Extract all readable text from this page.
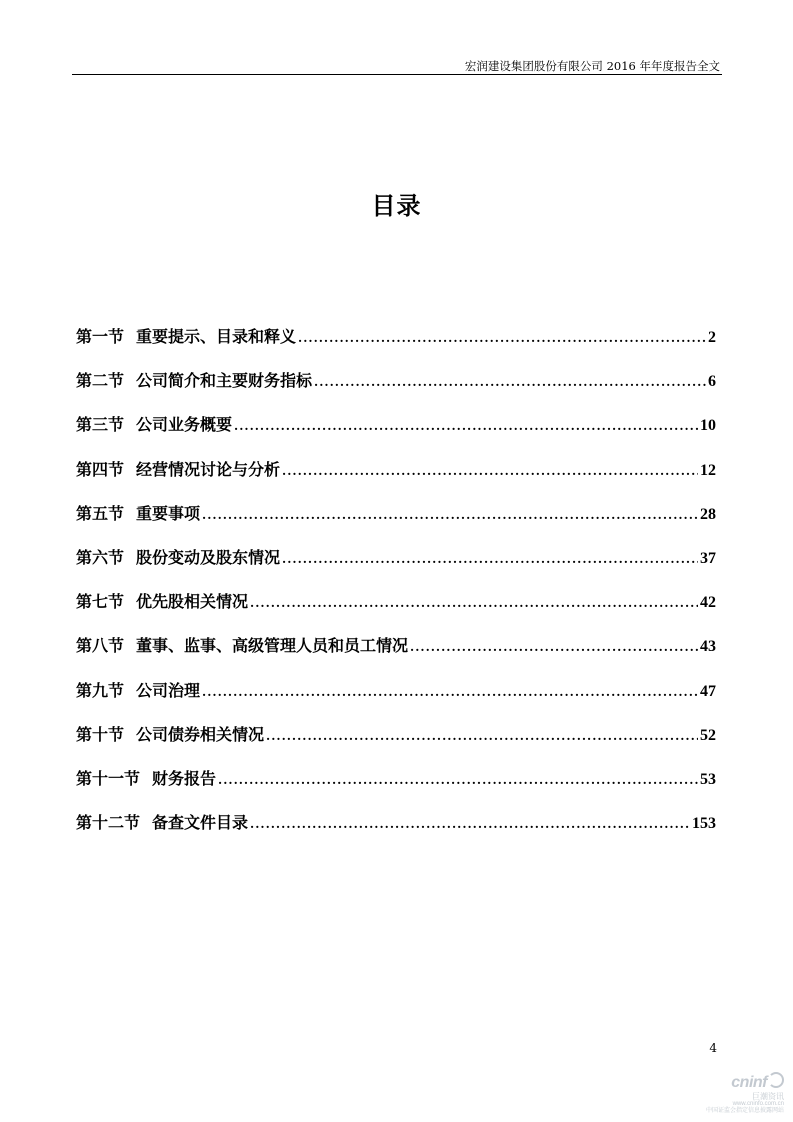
宏润建设集团股份有限公司 2016 年年度报告全文
目录
第一节 重要提示、目录和释义 .....	2
第二节 公司简介和主要财务指标 .....	6
第三节 公司业务概要 .....	10
第四节 经营情况讨论与分析 .....	12
第五节 重要事项 .....	28
第六节 股份变动及股东情况 .....	37
第七节 优先股相关情况 .....	42
第八节 董事、监事、高级管理人员和员工情况 .....	43
第九节 公司治理 .....	47
第十节 公司债券相关情况 .....	52
第十一节 财务报告 .....	53
第十二节 备查文件目录 .....	153
4
cninf
巨潮资讯
www.cninfo.com.cn
中国证监会指定信息披露网站
